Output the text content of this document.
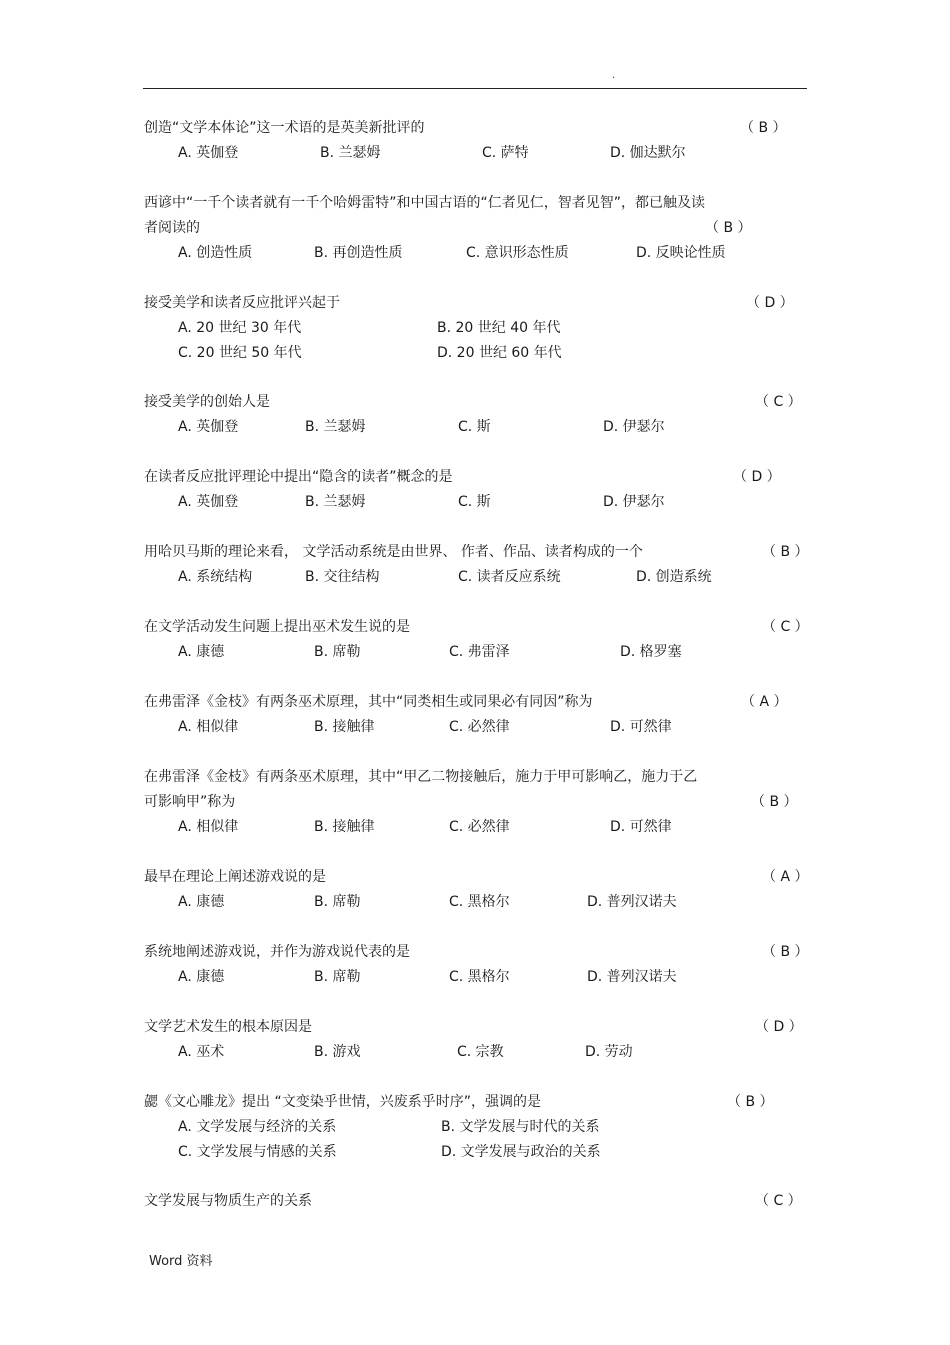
.
创造“文学本体论”这一术语的是英美新批评的	（ B ）
A. 英伽登	B. 兰瑟姆	C. 萨特	D. 伽达默尔
西谚中“一千个读者就有一千个哈姆雷特”和中国古语的“仁者见仁，智者见智”，都已触及读
者阅读的	（ B ）
A. 创造性质	B. 再创造性质	C. 意识形态性质	D. 反映论性质
接受美学和读者反应批评兴起于	（ D ）
A. 20 世纪 30 年代	B. 20 世纪 40 年代
C. 20 世纪 50 年代	D. 20 世纪 60 年代
接受美学的创始人是	（ C ）
A. 英伽登	B. 兰瑟姆	C. 斯	D. 伊瑟尔
在读者反应批评理论中提出“隐含的读者”概念的是	（ D ）
A. 英伽登	B. 兰瑟姆	C. 斯	D. 伊瑟尔
用哈贝马斯的理论来看， 文学活动系统是由世界、 作者、作品、读者构成的一个	（ B ）
A. 系统结构	B. 交往结构	C. 读者反应系统	D. 创造系统
在文学活动发生问题上提出巫术发生说的是	（ C ）
A. 康德	B. 席勒	C. 弗雷泽	D. 格罗塞
在弗雷泽《金枝》有两条巫术原理，其中“同类相生或同果必有同因”称为	（ A ）
A. 相似律	B. 接触律	C. 必然律	D. 可然律
在弗雷泽《金枝》有两条巫术原理，其中“甲乙二物接触后，施力于甲可影响乙，施力于乙
可影响甲”称为	（ B ）
A. 相似律	B. 接触律	C. 必然律	D. 可然律
最早在理论上阐述游戏说的是	（ A ）
A. 康德	B. 席勒	C. 黑格尔	D. 普列汉诺夫
系统地阐述游戏说，并作为游戏说代表的是	（ B ）
A. 康德	B. 席勒	C. 黑格尔	D. 普列汉诺夫
文学艺术发生的根本原因是	（ D ）
A. 巫术	B. 游戏	C. 宗教	D. 劳动
勰《文心雕龙》提出 “文变染乎世情，兴废系乎时序”，强调的是	（ B ）
A. 文学发展与经济的关系	B. 文学发展与时代的关系
C. 文学发展与情感的关系	D. 文学发展与政治的关系
文学发展与物质生产的关系	（ C ）
Word 资料
